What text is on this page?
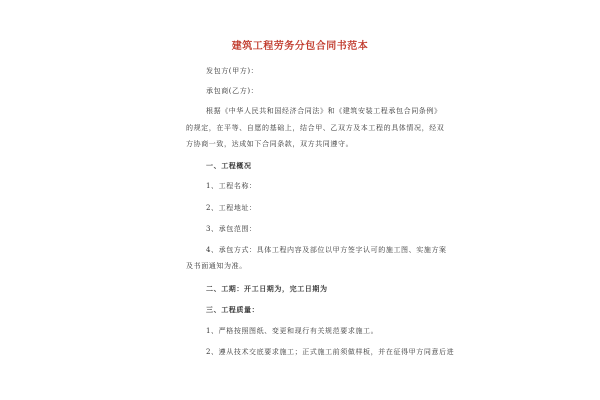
建筑工程劳务分包合同书范本
发包方(甲方)：
承包商(乙方)：
根据《中华人民共和国经济合同法》和《建筑安装工程承包合同条例》
的规定，在平等、自愿的基础上，结合甲、乙双方及本工程的具体情况，经双
方协商一致，达成如下合同条款，双方共同遵守。
一、工程概况
1、工程名称：
2、工程地址：
3、承包范围：
4、承包方式：具体工程内容及部位以甲方签字认可的施工图、实施方案
及书面通知为准。
二、工期：开工日期为，完工日期为
三、工程质量：
1、严格按照图纸、变更和现行有关规范要求施工。
2、遵从技术交底要求施工；正式施工前须做样板，并在征得甲方同意后进
